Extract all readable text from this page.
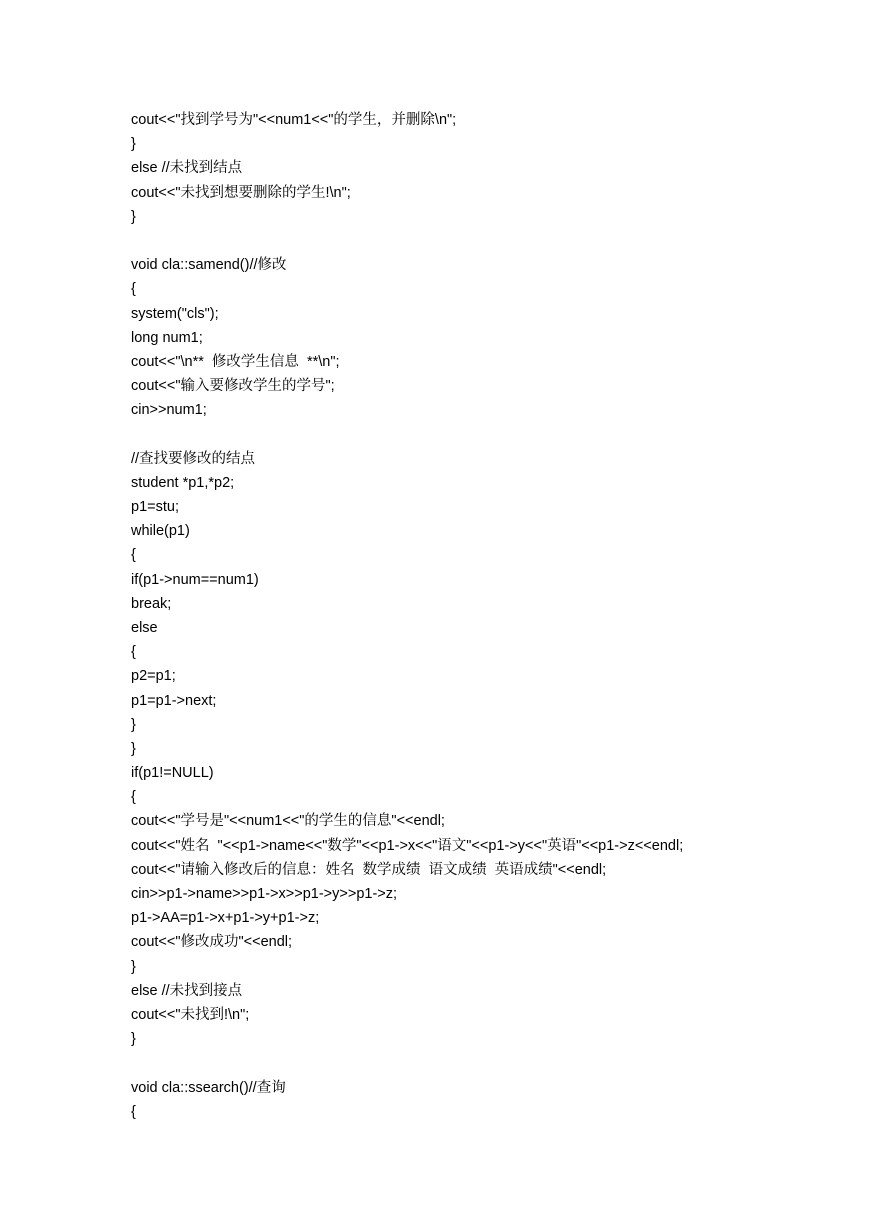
cout<<"找到学号为"<<num1<<"的学生，并删除\n";
}
else //未找到结点
cout<<"未找到想要删除的学生!\n";
}
void cla::samend()//修改
{
system("cls");
long num1;
cout<<"\n**  修改学生信息  **\n";
cout<<"输入要修改学生的学号";
cin>>num1;
//查找要修改的结点
student *p1,*p2;
p1=stu;
while(p1)
{
if(p1->num==num1)
break;
else
{
p2=p1;
p1=p1->next;
}
}
if(p1!=NULL)
{
cout<<"学号是"<<num1<<"的学生的信息"<<endl;
cout<<"姓名  "<<p1->name<<"数学"<<p1->x<<"语文"<<p1->y<<"英语"<<p1->z<<endl;
cout<<"请输入修改后的信息：姓名  数学成绩  语文成绩  英语成绩"<<endl;
cin>>p1->name>>p1->x>>p1->y>>p1->z;
p1->AA=p1->x+p1->y+p1->z;
cout<<"修改成功"<<endl;
}
else //未找到接点
cout<<"未找到!\n";
}
void cla::ssearch()//查询
{
